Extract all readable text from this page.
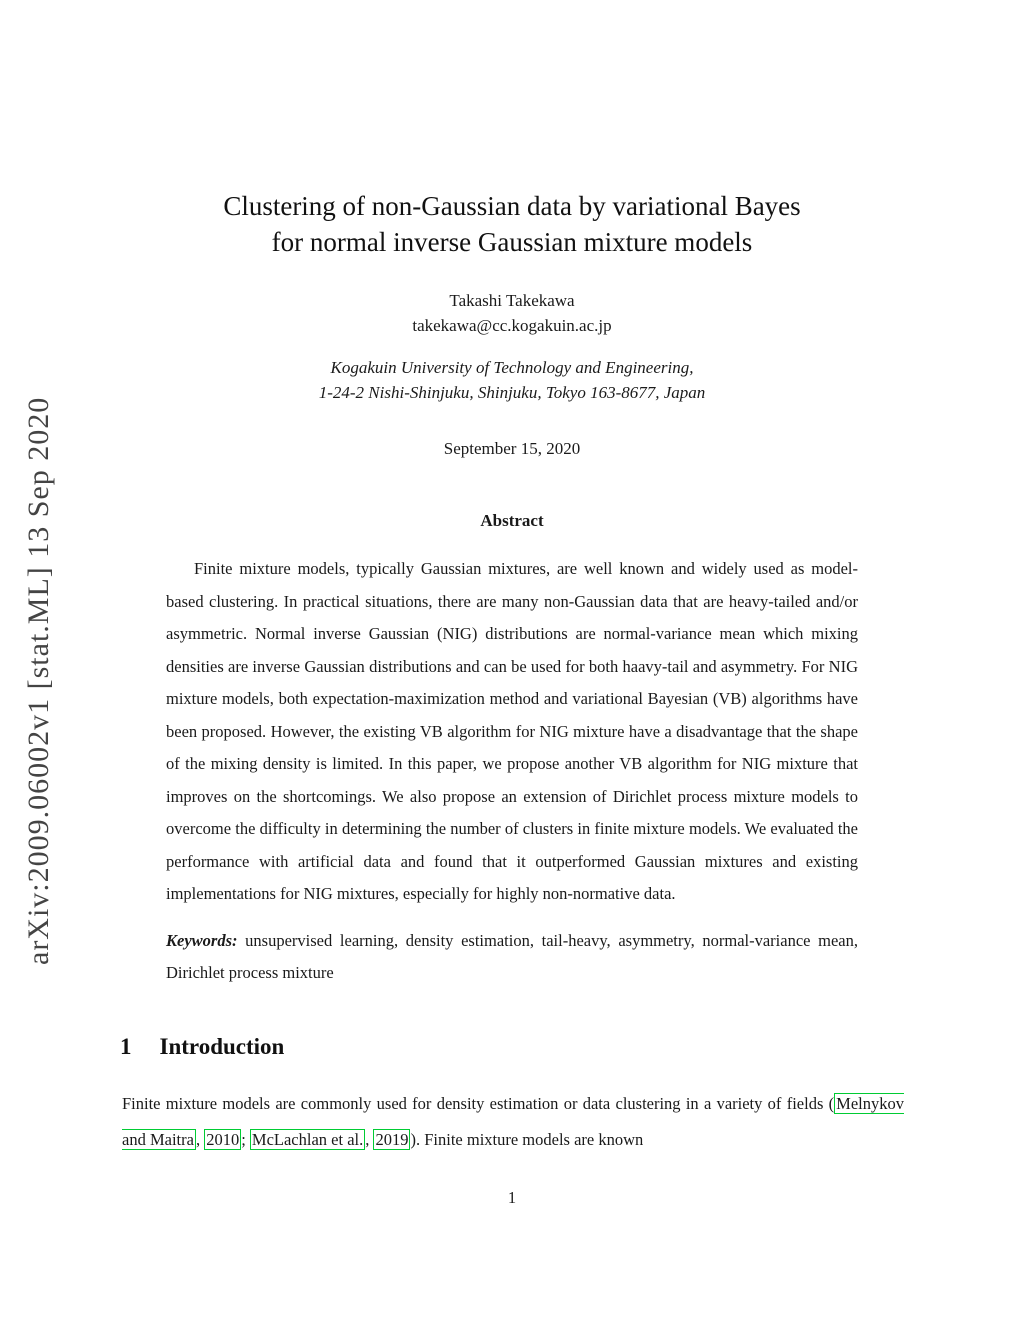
arXiv:2009.06002v1 [stat.ML] 13 Sep 2020
Clustering of non-Gaussian data by variational Bayes
for normal inverse Gaussian mixture models
Takashi Takekawa
takekawa@cc.kogakuin.ac.jp
Kogakuin University of Technology and Engineering,
1-24-2 Nishi-Shinjuku, Shinjuku, Tokyo 163-8677, Japan
September 15, 2020
Abstract
Finite mixture models, typically Gaussian mixtures, are well known and widely used as model-based clustering. In practical situations, there are many non-Gaussian data that are heavy-tailed and/or asymmetric. Normal inverse Gaussian (NIG) distributions are normal-variance mean which mixing densities are inverse Gaussian distributions and can be used for both haavy-tail and asymmetry. For NIG mixture models, both expectation-maximization method and variational Bayesian (VB) algorithms have been proposed. However, the existing VB algorithm for NIG mixture have a disadvantage that the shape of the mixing density is limited. In this paper, we propose another VB algorithm for NIG mixture that improves on the shortcomings. We also propose an extension of Dirichlet process mixture models to overcome the difficulty in determining the number of clusters in finite mixture models. We evaluated the performance with artificial data and found that it outperformed Gaussian mixtures and existing implementations for NIG mixtures, especially for highly non-normative data.
Keywords: unsupervised learning, density estimation, tail-heavy, asymmetry, normal-variance mean, Dirichlet process mixture
1 Introduction
Finite mixture models are commonly used for density estimation or data clustering in a variety of fields ( Melnykov and Maitra , 2010 ; McLachlan et al. , 2019 ). Finite mixture models are known
1
